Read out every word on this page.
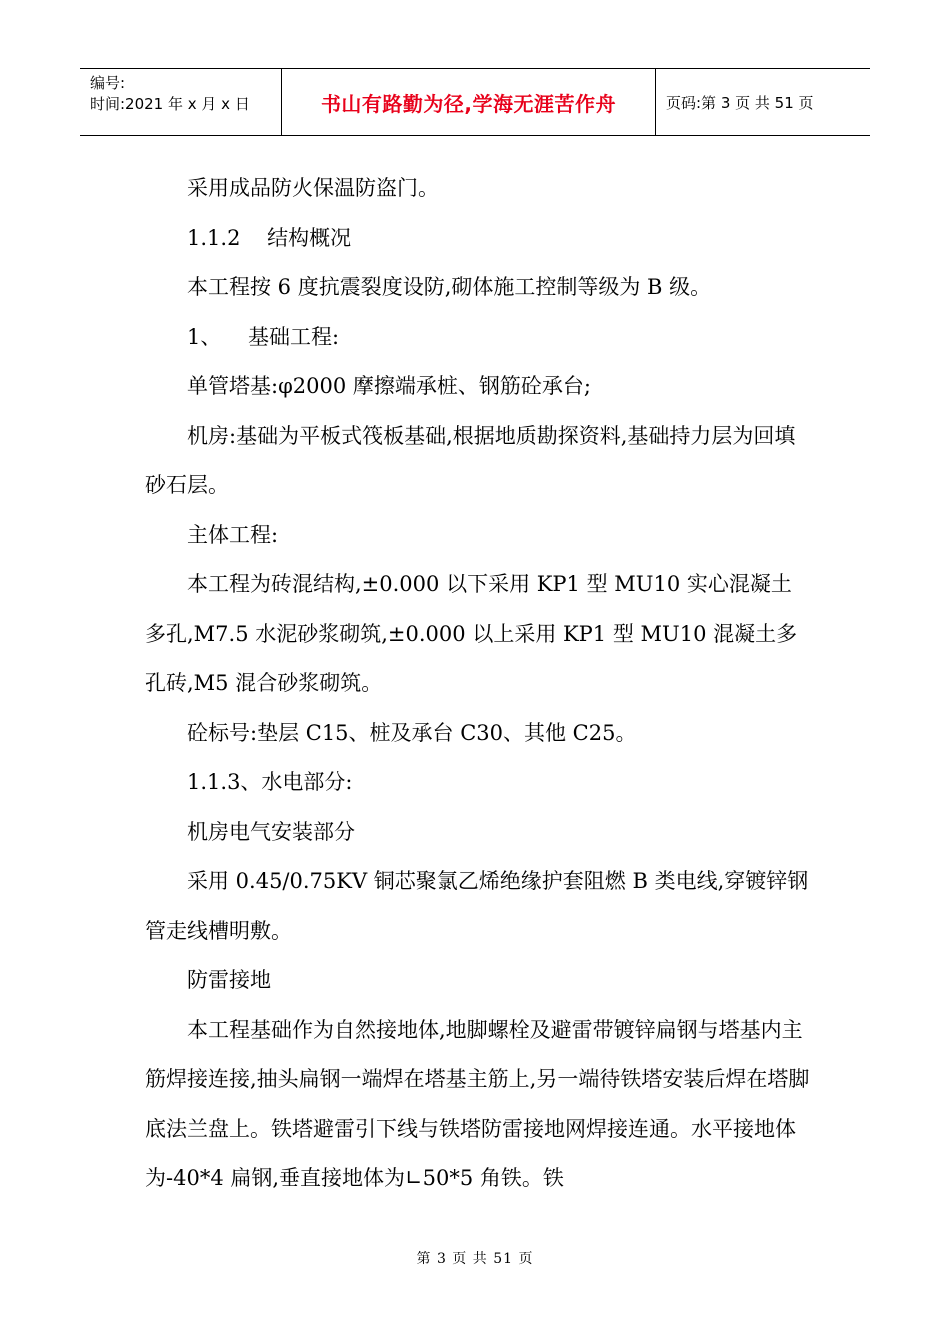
编号:
时间:2021 年 x 月 x 日	书山有路勤为径,学海无涯苦作舟	页码:第 3 页 共 51 页

采用成品防火保温防盗门。

1.1.2    结构概况

本工程按 6 度抗震裂度设防,砌体施工控制等级为 B 级。

1、    基础工程:

单管塔基:φ2000 摩擦端承桩、钢筋砼承台;

机房:基础为平板式筏板基础,根据地质勘探资料,基础持力层为回填砂石层。

主体工程:

本工程为砖混结构,±0.000 以下采用 KP1 型 MU10 实心混凝土多孔,M7.5 水泥砂浆砌筑,±0.000 以上采用 KP1 型 MU10 混凝土多孔砖,M5 混合砂浆砌筑。

砼标号:垫层 C15、桩及承台 C30、其他 C25。

1.1.3、水电部分:

机房电气安装部分

采用 0.45/0.75KV 铜芯聚氯乙烯绝缘护套阻燃 B 类电线,穿镀锌钢管走线槽明敷。

防雷接地

本工程基础作为自然接地体,地脚螺栓及避雷带镀锌扁钢与塔基内主筋焊接连接,抽头扁钢一端焊在塔基主筋上,另一端待铁塔安装后焊在塔脚底法兰盘上。铁塔避雷引下线与铁塔防雷接地网焊接连通。水平接地体为-40*4 扁钢,垂直接地体为∟50*5 角铁。铁

第 3 页 共 51 页
